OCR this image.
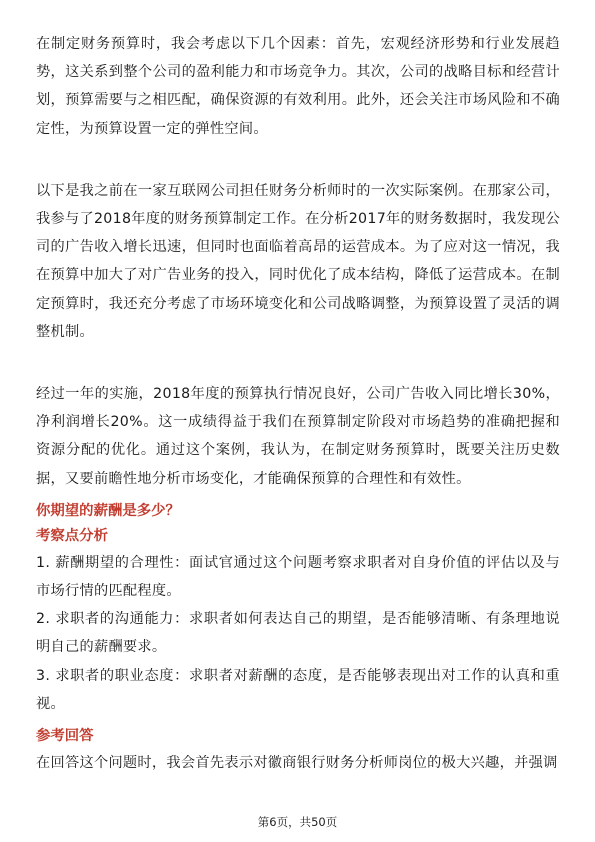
在制定财务预算时，我会考虑以下几个因素：首先，宏观经济形势和行业发展趋势，这关系到整个公司的盈利能力和市场竞争力。其次，公司的战略目标和经营计划，预算需要与之相匹配，确保资源的有效利用。此外，还会关注市场风险和不确定性，为预算设置一定的弹性空间。

以下是我之前在一家互联网公司担任财务分析师时的一次实际案例。在那家公司，我参与了2018年度的财务预算制定工作。在分析2017年的财务数据时，我发现公司的广告收入增长迅速，但同时也面临着高昂的运营成本。为了应对这一情况，我在预算中加大了对广告业务的投入，同时优化了成本结构，降低了运营成本。在制定预算时，我还充分考虑了市场环境变化和公司战略调整，为预算设置了灵活的调整机制。

经过一年的实施，2018年度的预算执行情况良好，公司广告收入同比增长30%，净利润增长20%。这一成绩得益于我们在预算制定阶段对市场趋势的准确把握和资源分配的优化。通过这个案例，我认为，在制定财务预算时，既要关注历史数据，又要前瞻性地分析市场变化，才能确保预算的合理性和有效性。

你期望的薪酬是多少？

考察点分析

1. 薪酬期望的合理性：面试官通过这个问题考察求职者对自身价值的评估以及与市场行情的匹配程度。

2. 求职者的沟通能力：求职者如何表达自己的期望，是否能够清晰、有条理地说明自己的薪酬要求。

3. 求职者的职业态度：求职者对薪酬的态度，是否能够表现出对工作的认真和重视。

参考回答

在回答这个问题时，我会首先表示对徽商银行财务分析师岗位的极大兴趣，并强调

第6页，共50页
